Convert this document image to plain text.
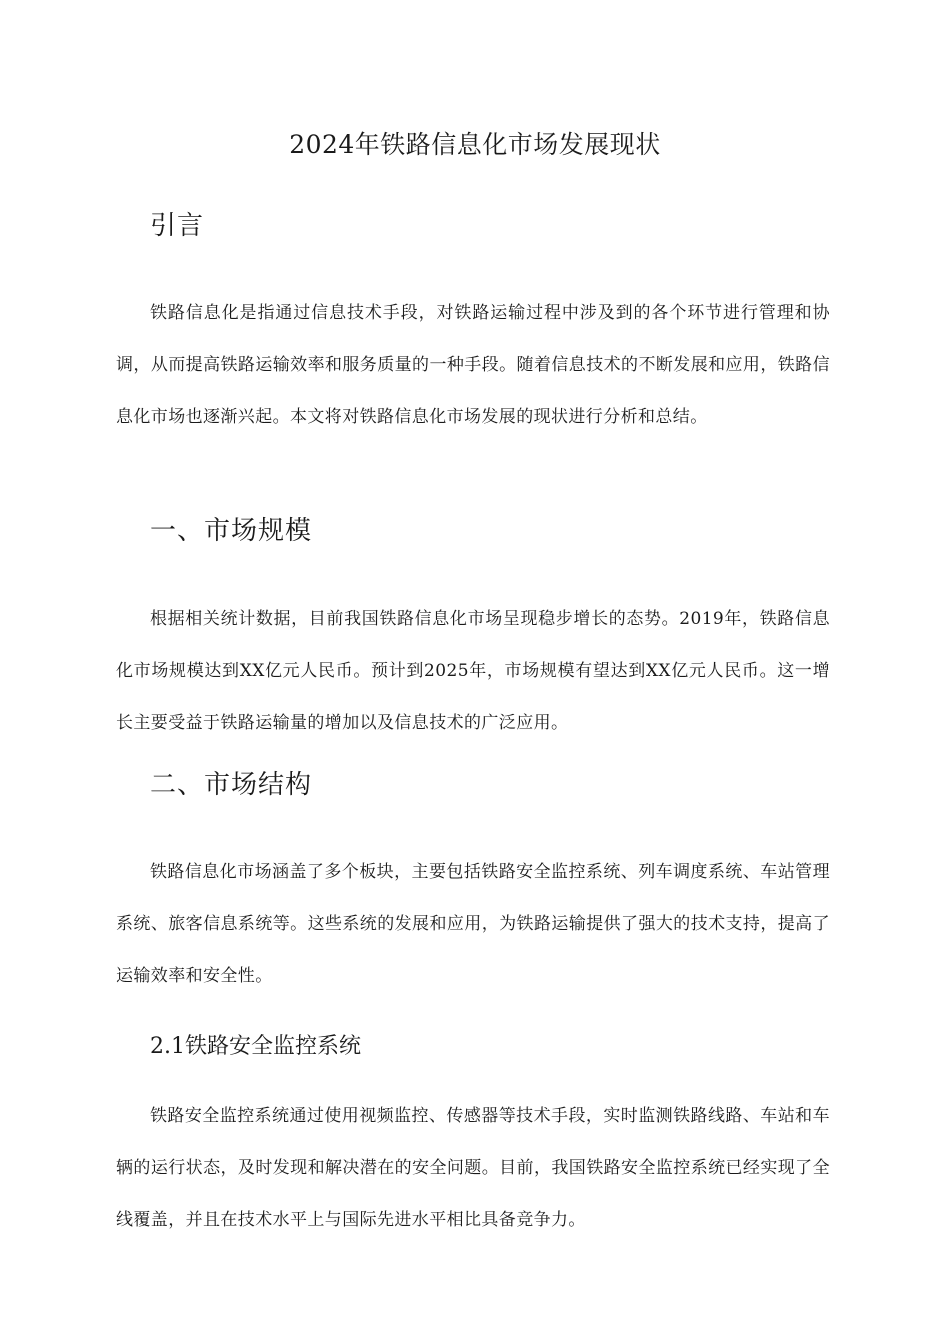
2024年铁路信息化市场发展现状
引言
铁路信息化是指通过信息技术手段，对铁路运输过程中涉及到的各个环节进行管理和协调，从而提高铁路运输效率和服务质量的一种手段。随着信息技术的不断发展和应用，铁路信息化市场也逐渐兴起。本文将对铁路信息化市场发展的现状进行分析和总结。
一、市场规模
根据相关统计数据，目前我国铁路信息化市场呈现稳步增长的态势。2019年，铁路信息化市场规模达到XX亿元人民币。预计到2025年，市场规模有望达到XX亿元人民币。这一增长主要受益于铁路运输量的增加以及信息技术的广泛应用。
二、市场结构
铁路信息化市场涵盖了多个板块，主要包括铁路安全监控系统、列车调度系统、车站管理系统、旅客信息系统等。这些系统的发展和应用，为铁路运输提供了强大的技术支持，提高了运输效率和安全性。
2.1铁路安全监控系统
铁路安全监控系统通过使用视频监控、传感器等技术手段，实时监测铁路线路、车站和车辆的运行状态，及时发现和解决潜在的安全问题。目前，我国铁路安全监控系统已经实现了全线覆盖，并且在技术水平上与国际先进水平相比具备竞争力。
